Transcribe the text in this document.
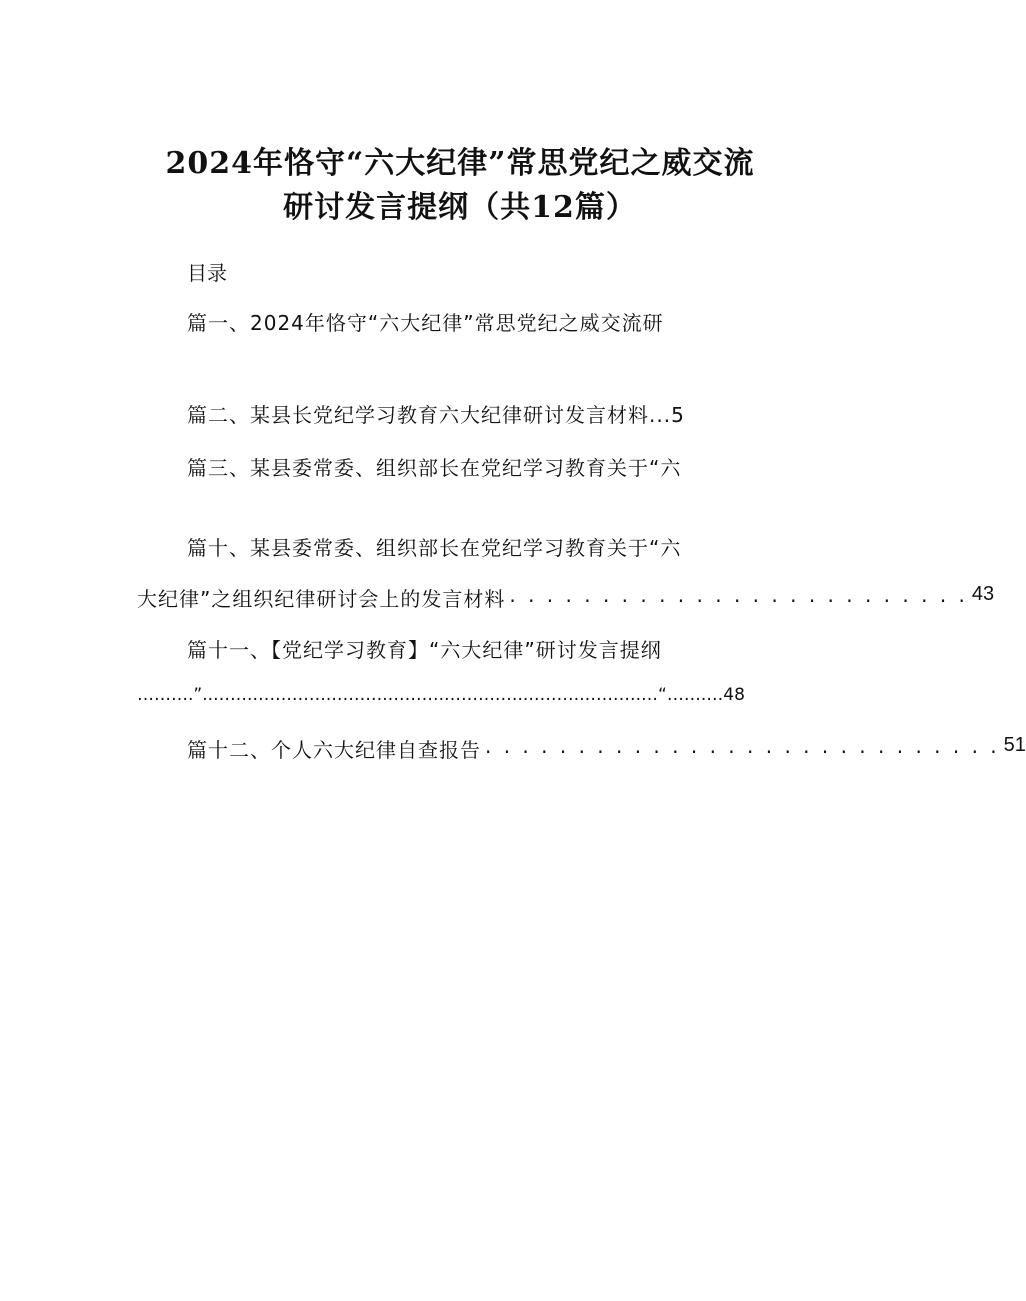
2024年恪守“六大纪律”常思党纪之威交流
研讨发言提纲（共12篇）
目录
篇一、2024年恪守“六大纪律”常思党纪之威交流研
篇二、某县长党纪学习教育六大纪律研讨发言材料...5
篇三、某县委常委、组织部长在党纪学习教育关于“六
篇十、某县委常委、组织部长在党纪学习教育关于“六
大纪律”之组织纪律研讨会上的发言材料 . . . . . . . . . . . . . . . . . . . . . . . . . 43
篇十一、【党纪学习教育】“六大纪律”研讨发言提纲
……….”..…….…….…….……….……….……….…..……….……….…“…….…48
篇十二、个人六大纪律自查报告 . . . . . . . . . . . . . . . . . . . . . . . . . . . . 51
